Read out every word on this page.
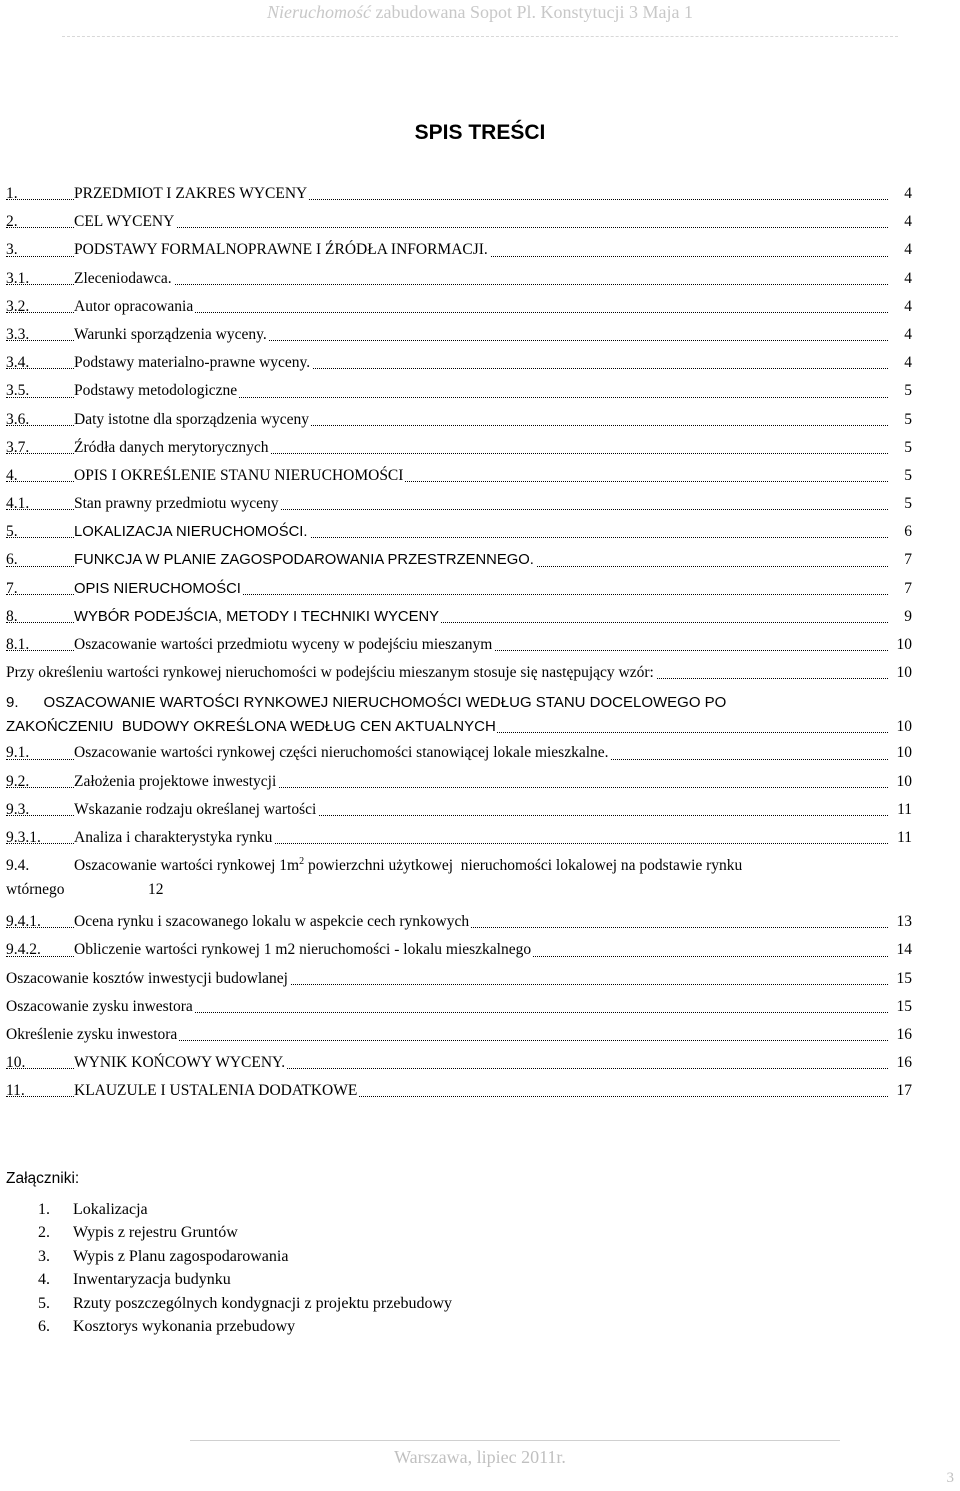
Nieruchomość zabudowana Sopot Pl. Konstytucji 3 Maja 1
SPIS TREŚCI
1.	PRZEDMIOT I ZAKRES WYCENY	4
2.	CEL WYCENY	4
3.	PODSTAWY FORMALNOPRAWNE I ŹRÓDŁA INFORMACJI.	4
3.1.	Zleceniodawca.	4
3.2.	Autor opracowania	4
3.3.	Warunki sporządzenia wyceny.	4
3.4.	Podstawy materialno-prawne wyceny.	4
3.5.	Podstawy metodologiczne	5
3.6.	Daty istotne dla sporządzenia wyceny	5
3.7.	Źródła danych merytorycznych	5
4.	OPIS I OKREŚLENIE STANU NIERUCHOMOŚCI	5
4.1.	Stan prawny przedmiotu wyceny	5
5.	LOKALIZACJA NIERUCHOMOŚCI.	6
6.	FUNKCJA W PLANIE ZAGOSPODAROWANIA PRZESTRZENNEGO.	7
7.	OPIS NIERUCHOMOŚCI	7
8.	WYBÓR PODEJŚCIA, METODY I TECHNIKI WYCENY	9
8.1.	Oszacowanie wartości przedmiotu wyceny w podejściu mieszanym	10
Przy określeniu wartości rynkowej nieruchomości w podejściu mieszanym stosuje się następujący wzór:	10
9.      OSZACOWANIE WARTOŚCI RYNKOWEJ NIERUCHOMOŚCI WEDŁUG STANU DOCELOWEGO PO
ZAKOŃCZENIU  BUDOWY OKREŚLONA WEDŁUG CEN AKTUALNYCH	10
9.1.	Oszacowanie wartości rynkowej części nieruchomości stanowiącej lokale mieszkalne.	10
9.2.	Założenia projektowe inwestycji	10
9.3.	Wskazanie rodzaju określanej wartości	11
9.3.1. Analiza i charakterystyka rynku	11
9.4.	Oszacowanie wartości rynkowej $1m^2$ powierzchni użytkowej  nieruchomości lokalowej na podstawie rynku
wtórnego	12
9.4.1. Ocena rynku i szacowanego lokalu w aspekcie cech rynkowych	13
9.4.2. Obliczenie wartości rynkowej 1 m2 nieruchomości - lokalu mieszkalnego	14
Oszacowanie kosztów inwestycji budowlanej	15
Oszacowanie zysku inwestora	15
Określenie zysku inwestora	16
10.	WYNIK KOŃCOWY WYCENY.	16
11.	KLAUZULE I USTALENIA DODATKOWE	17
Załączniki:
1. Lokalizacja
2. Wypis z rejestru Gruntów
3. Wypis z Planu zagospodarowania
4. Inwentaryzacja budynku
5. Rzuty poszczególnych kondygnacji z projektu przebudowy
6. Kosztorys wykonania przebudowy
Warszawa, lipiec 2011r.
3
